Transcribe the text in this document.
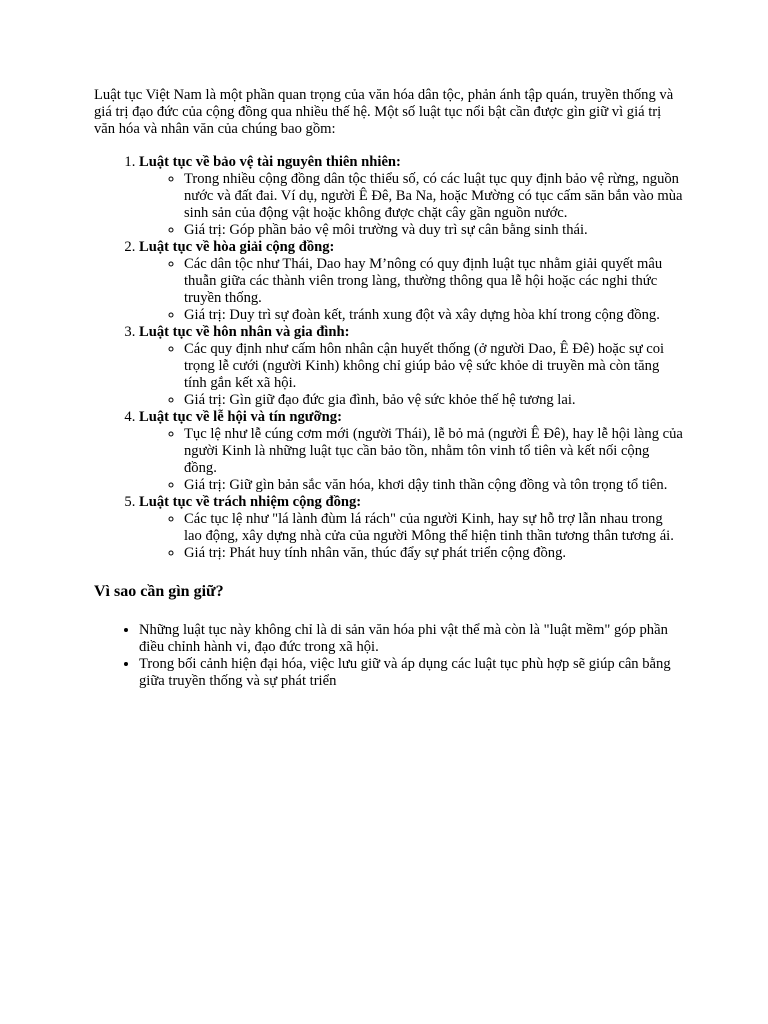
Luật tục Việt Nam là một phần quan trọng của văn hóa dân tộc, phản ánh tập quán, truyền thống và giá trị đạo đức của cộng đồng qua nhiều thế hệ. Một số luật tục nổi bật cần được gìn giữ vì giá trị văn hóa và nhân văn của chúng bao gồm:

1. Luật tục về bảo vệ tài nguyên thiên nhiên:
◦ Trong nhiều cộng đồng dân tộc thiểu số, có các luật tục quy định bảo vệ rừng, nguồn nước và đất đai. Ví dụ, người Ê Đê, Ba Na, hoặc Mường có tục cấm săn bắn vào mùa sinh sản của động vật hoặc không được chặt cây gần nguồn nước.
◦ Giá trị: Góp phần bảo vệ môi trường và duy trì sự cân bằng sinh thái.
2. Luật tục về hòa giải cộng đồng:
◦ Các dân tộc như Thái, Dao hay M’nông có quy định luật tục nhằm giải quyết mâu thuẫn giữa các thành viên trong làng, thường thông qua lễ hội hoặc các nghi thức truyền thống.
◦ Giá trị: Duy trì sự đoàn kết, tránh xung đột và xây dựng hòa khí trong cộng đồng.
3. Luật tục về hôn nhân và gia đình:
◦ Các quy định như cấm hôn nhân cận huyết thống (ở người Dao, Ê Đê) hoặc sự coi trọng lễ cưới (người Kinh) không chỉ giúp bảo vệ sức khỏe di truyền mà còn tăng tính gắn kết xã hội.
◦ Giá trị: Gìn giữ đạo đức gia đình, bảo vệ sức khỏe thế hệ tương lai.
4. Luật tục về lễ hội và tín ngưỡng:
◦ Tục lệ như lễ cúng cơm mới (người Thái), lễ bỏ mả (người Ê Đê), hay lễ hội làng của người Kinh là những luật tục cần bảo tồn, nhằm tôn vinh tổ tiên và kết nối cộng đồng.
◦ Giá trị: Giữ gìn bản sắc văn hóa, khơi dậy tinh thần cộng đồng và tôn trọng tổ tiên.
5. Luật tục về trách nhiệm cộng đồng:
◦ Các tục lệ như "lá lành đùm lá rách" của người Kinh, hay sự hỗ trợ lẫn nhau trong lao động, xây dựng nhà cửa của người Mông thể hiện tinh thần tương thân tương ái.
◦ Giá trị: Phát huy tính nhân văn, thúc đẩy sự phát triển cộng đồng.
Vì sao cần gìn giữ?
• Những luật tục này không chỉ là di sản văn hóa phi vật thể mà còn là "luật mềm" góp phần điều chỉnh hành vi, đạo đức trong xã hội.
• Trong bối cảnh hiện đại hóa, việc lưu giữ và áp dụng các luật tục phù hợp sẽ giúp cân bằng giữa truyền thống và sự phát triển
